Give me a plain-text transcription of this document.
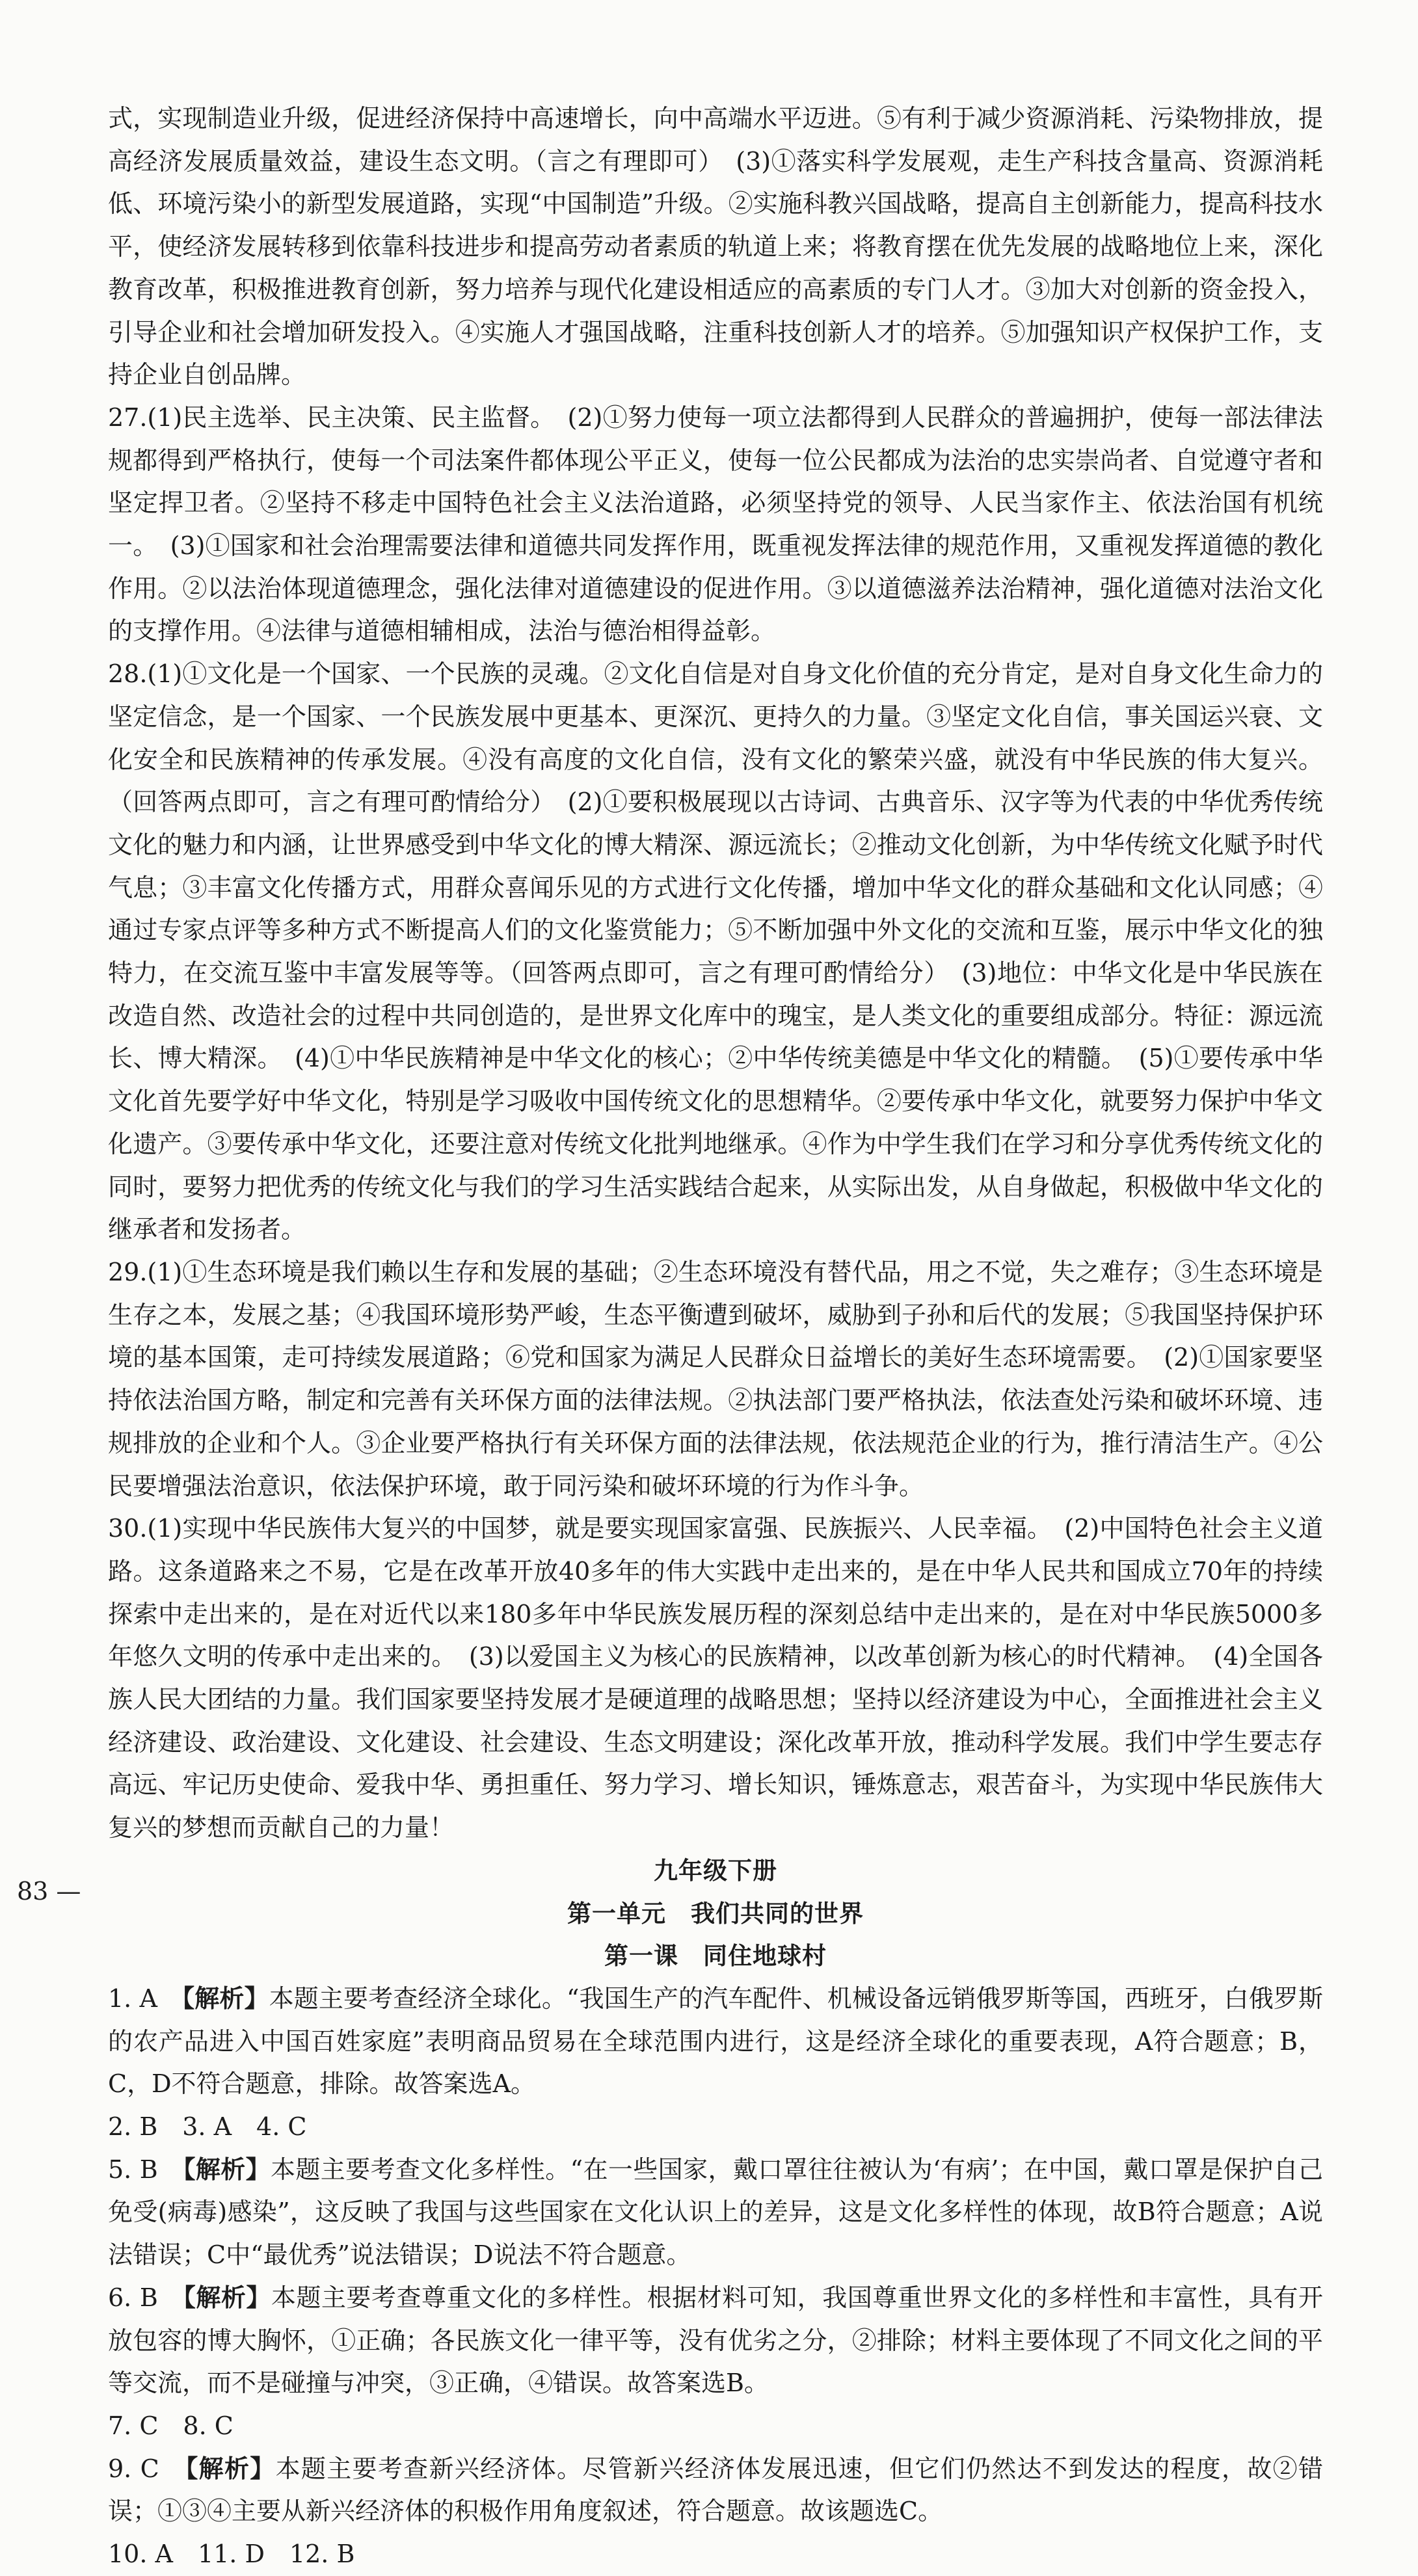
式，实现制造业升级，促进经济保持中高速增长，向中高端水平迈进。⑤有利于减少资源消耗、污染物排放，提高经济发展质量效益，建设生态文明。（言之有理即可）　(3)①落实科学发展观，走生产科技含量高、资源消耗低、环境污染小的新型发展道路，实现“中国制造”升级。②实施科教兴国战略，提高自主创新能力，提高科技水平，使经济发展转移到依靠科技进步和提高劳动者素质的轨道上来；将教育摆在优先发展的战略地位上来，深化教育改革，积极推进教育创新，努力培养与现代化建设相适应的高素质的专门人才。③加大对创新的资金投入，引导企业和社会增加研发投入。④实施人才强国战略，注重科技创新人才的培养。⑤加强知识产权保护工作，支持企业自创品牌。

27.(1)民主选举、民主决策、民主监督。　(2)①努力使每一项立法都得到人民群众的普遍拥护，使每一部法律法规都得到严格执行，使每一个司法案件都体现公平正义，使每一位公民都成为法治的忠实崇尚者、自觉遵守者和坚定捍卫者。②坚持不移走中国特色社会主义法治道路，必须坚持党的领导、人民当家作主、依法治国有机统一。　(3)①国家和社会治理需要法律和道德共同发挥作用，既重视发挥法律的规范作用，又重视发挥道德的教化作用。②以法治体现道德理念，强化法律对道德建设的促进作用。③以道德滋养法治精神，强化道德对法治文化的支撑作用。④法律与道德相辅相成，法治与德治相得益彰。

28.(1)①文化是一个国家、一个民族的灵魂。②文化自信是对自身文化价值的充分肯定，是对自身文化生命力的坚定信念，是一个国家、一个民族发展中更基本、更深沉、更持久的力量。③坚定文化自信，事关国运兴衰、文化安全和民族精神的传承发展。④没有高度的文化自信，没有文化的繁荣兴盛，就没有中华民族的伟大复兴。（回答两点即可，言之有理可酌情给分）　(2)①要积极展现以古诗词、古典音乐、汉字等为代表的中华优秀传统文化的魅力和内涵，让世界感受到中华文化的博大精深、源远流长；②推动文化创新，为中华传统文化赋予时代气息；③丰富文化传播方式，用群众喜闻乐见的方式进行文化传播，增加中华文化的群众基础和文化认同感；④通过专家点评等多种方式不断提高人们的文化鉴赏能力；⑤不断加强中外文化的交流和互鉴，展示中华文化的独特力，在交流互鉴中丰富发展等等。（回答两点即可，言之有理可酌情给分）　(3)地位：中华文化是中华民族在改造自然、改造社会的过程中共同创造的，是世界文化库中的瑰宝，是人类文化的重要组成部分。特征：源远流长、博大精深。　(4)①中华民族精神是中华文化的核心；②中华传统美德是中华文化的精髓。　(5)①要传承中华文化首先要学好中华文化，特别是学习吸收中国传统文化的思想精华。②要传承中华文化，就要努力保护中华文化遗产。③要传承中华文化，还要注意对传统文化批判地继承。④作为中学生我们在学习和分享优秀传统文化的同时，要努力把优秀的传统文化与我们的学习生活实践结合起来，从实际出发，从自身做起，积极做中华文化的继承者和发扬者。

29.(1)①生态环境是我们赖以生存和发展的基础；②生态环境没有替代品，用之不觉，失之难存；③生态环境是生存之本，发展之基；④我国环境形势严峻，生态平衡遭到破坏，威胁到子孙和后代的发展；⑤我国坚持保护环境的基本国策，走可持续发展道路；⑥党和国家为满足人民群众日益增长的美好生态环境需要。　(2)①国家要坚持依法治国方略，制定和完善有关环保方面的法律法规。②执法部门要严格执法，依法查处污染和破坏环境、违规排放的企业和个人。③企业要严格执行有关环保方面的法律法规，依法规范企业的行为，推行清洁生产。④公民要增强法治意识，依法保护环境，敢于同污染和破坏环境的行为作斗争。

30.(1)实现中华民族伟大复兴的中国梦，就是要实现国家富强、民族振兴、人民幸福。　(2)中国特色社会主义道路。这条道路来之不易，它是在改革开放40多年的伟大实践中走出来的，是在中华人民共和国成立70年的持续探索中走出来的，是在对近代以来180多年中华民族发展历程的深刻总结中走出来的，是在对中华民族5000多年悠久文明的传承中走出来的。　(3)以爱国主义为核心的民族精神，以改革创新为核心的时代精神。　(4)全国各族人民大团结的力量。我们国家要坚持发展才是硬道理的战略思想；坚持以经济建设为中心，全面推进社会主义经济建设、政治建设、文化建设、社会建设、生态文明建设；深化改革开放，推动科学发展。我们中学生要志存高远、牢记历史使命、爱我中华、勇担重任、努力学习、增长知识，锤炼意志，艰苦奋斗，为实现中华民族伟大复兴的梦想而贡献自己的力量！

九年级下册

第一单元　我们共同的世界

第一课　同住地球村

1. A　【解析】本题主要考查经济全球化。“我国生产的汽车配件、机械设备远销俄罗斯等国，西班牙，白俄罗斯的农产品进入中国百姓家庭”表明商品贸易在全球范围内进行，这是经济全球化的重要表现，A符合题意；B，C，D不符合题意，排除。故答案选A。

2. B　3. A　4. C

5. B　【解析】本题主要考查文化多样性。“在一些国家，戴口罩往往被认为‘有病’；在中国，戴口罩是保护自己免受(病毒)感染”，这反映了我国与这些国家在文化认识上的差异，这是文化多样性的体现，故B符合题意；A说法错误；C中“最优秀”说法错误；D说法不符合题意。

6. B　【解析】本题主要考查尊重文化的多样性。根据材料可知，我国尊重世界文化的多样性和丰富性，具有开放包容的博大胸怀，①正确；各民族文化一律平等，没有优劣之分，②排除；材料主要体现了不同文化之间的平等交流，而不是碰撞与冲突，③正确，④错误。故答案选B。

7. C　8. C

9. C　【解析】本题主要考查新兴经济体。尽管新兴经济体发展迅速，但它们仍然达不到发达的程度，故②错误；①③④主要从新兴经济体的积极作用角度叙述，符合题意。故该题选C。

10. A　11. D　12. B

83 —
